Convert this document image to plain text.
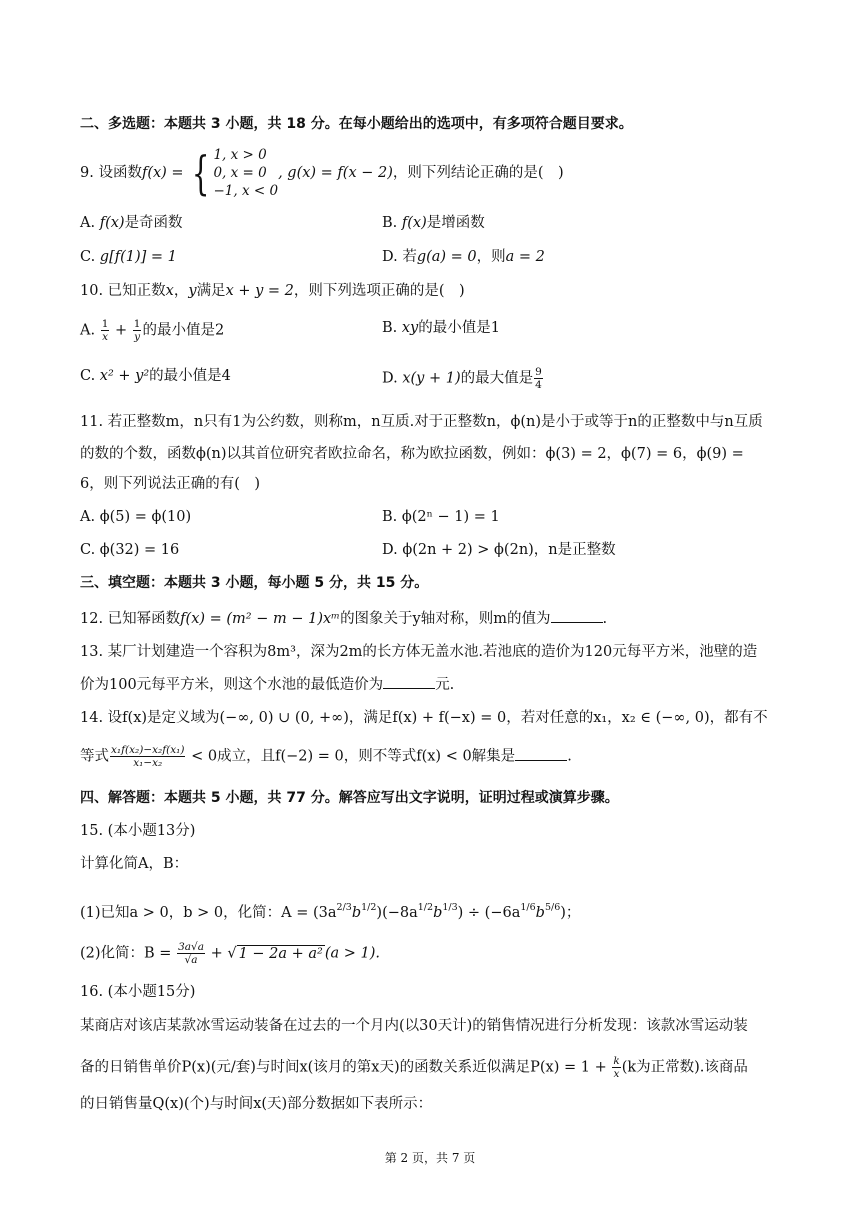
二、多选题：本题共 3 小题，共 18 分。在每小题给出的选项中，有多项符合题目要求。
9. 设函数f(x) = { 1, x > 0
0, x = 0
−1, x < 0
, g(x) = f(x − 2)，则下列结论正确的是(　)
A. f(x)是奇函数	B. f(x)是增函数
C. g[f(1)] = 1	D. 若g(a) = 0，则a = 2
10. 已知正数x，y满足x + y = 2，则下列选项正确的是(　)
A. $\frac{1}{x} + \frac{1}{y}$ 的最小值是2	B. xy的最小值是1
C. x² + y²的最小值是4	D. x(y + 1)的最大值是 $\frac{9}{4}$
11. 若正整数m，n只有1为公约数，则称m，n互质.对于正整数n，ϕ(n)是小于或等于n的正整数中与n互质
的数的个数，函数ϕ(n)以其首位研究者欧拉命名，称为欧拉函数，例如：ϕ(3) = 2，ϕ(7) = 6，ϕ(9) =
6，则下列说法正确的有(　)
A. ϕ(5) = ϕ(10)	B. ϕ(2ⁿ − 1) = 1
C. ϕ(32) = 16	D. ϕ(2n + 2) > ϕ(2n)，n是正整数
三、填空题：本题共 3 小题，每小题 5 分，共 15 分。
12. 已知幂函数f(x) = (m² − m − 1)xᵐ的图象关于y轴对称，则m的值为	.
13. 某厂计划建造一个容积为8m³，深为2m的长方体无盖水池.若池底的造价为120元每平方米，池壁的造
价为100元每平方米，则这个水池的最低造价为	元.
14. 设f(x)是定义域为(−∞, 0) ∪ (0, +∞)，满足f(x) + f(−x) = 0，若对任意的x₁，x₂ ∈ (−∞, 0)，都有不
等式 $\frac{\text{x₁f(x₂)−x₂f(x₁)}}{\text{x₁−x₂}} < 0$成立，且f(−2) = 0，则不等式f(x) < 0解集是	.
四、解答题：本题共 5 小题，共 77 分。解答应写出文字说明，证明过程或演算步骤。
15. (本小题13分)
计算化简A，B：
(1)已知a > 0，b > 0，化简：$A = (3a^{2/3}b^{1/2})(-8a^{1/2}b^{1/3}) \div (-6a^{1/6}b^{5/6})$；
(2)化简：$B = \frac{3a√a}{√a}$ + √ 1 − 2a + a² (a > 1).
16. (本小题15分)
某商店对该店某款冰雪运动装备在过去的一个月内(以30天计)的销售情况进行分析发现：该款冰雪运动装
备的日销售单价P(x)(元/套)与时间x(该月的第x天)的函数关系近似满足$P(x) = 1 + \frac{k}{x} (k$为正常数).该商品
的日销售量Q(x)(个)与时间x(天)部分数据如下表所示：
第 2 页，共 7 页
